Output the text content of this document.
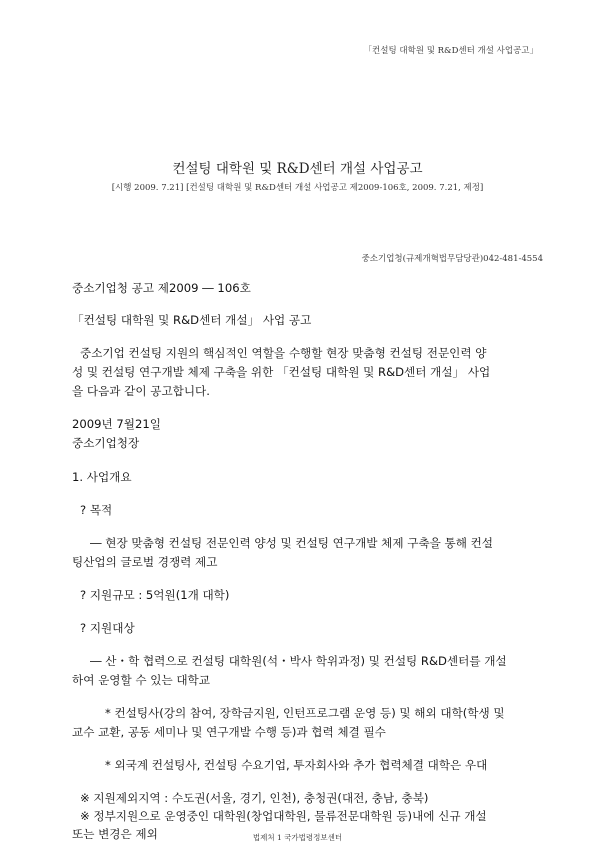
「컨설팅 대학원 및 R&D센터 개설 사업공고」
컨설팅 대학원 및 R&D센터 개설 사업공고
[시행 2009. 7.21] [컨설팅 대학원 및 R&D센터 개설 사업공고 제2009-106호, 2009. 7.21, 제정]
중소기업청(규제개혁법무담당관)042-481-4554
중소기업청 공고 제2009 ― 106호
「컨설팅 대학원 및 R&D센터 개설」 사업 공고
중소기업 컨설팅 지원의 핵심적인 역할을 수행할 현장 맞춤형 컨설팅 전문인력 양
성 및 컨설팅 연구개발 체제 구축을 위한 「컨설팅 대학원 및 R&D센터 개설」 사업
을 다음과 같이 공고합니다.
2009년 7월21일
중소기업청장
1. 사업개요
? 목적
― 현장 맞춤형 컨설팅 전문인력 양성 및 컨설팅 연구개발 체제 구축을 통해 컨설
팅산업의 글로벌 경쟁력 제고
? 지원규모 : 5억원(1개 대학)
? 지원대상
― 산・학 협력으로 컨설팅 대학원(석・박사 학위과정) 및 컨설팅 R&D센터를 개설
하여 운영할 수 있는 대학교
* 컨설팅사(강의 참여, 장학금지원, 인턴프로그램 운영 등) 및 해외 대학(학생 및
교수 교환, 공동 세미나 및 연구개발 수행 등)과 협력 체결 필수
* 외국계 컨설팅사, 컨설팅 수요기업, 투자회사와 추가 협력체결 대학은 우대
※ 지원제외지역 : 수도권(서울, 경기, 인천), 충청권(대전, 충남, 충북)
※ 정부지원으로 운영중인 대학원(창업대학원, 물류전문대학원 등)내에 신규 개설
또는 변경은 제외	법제처 1 국가법령정보센터
